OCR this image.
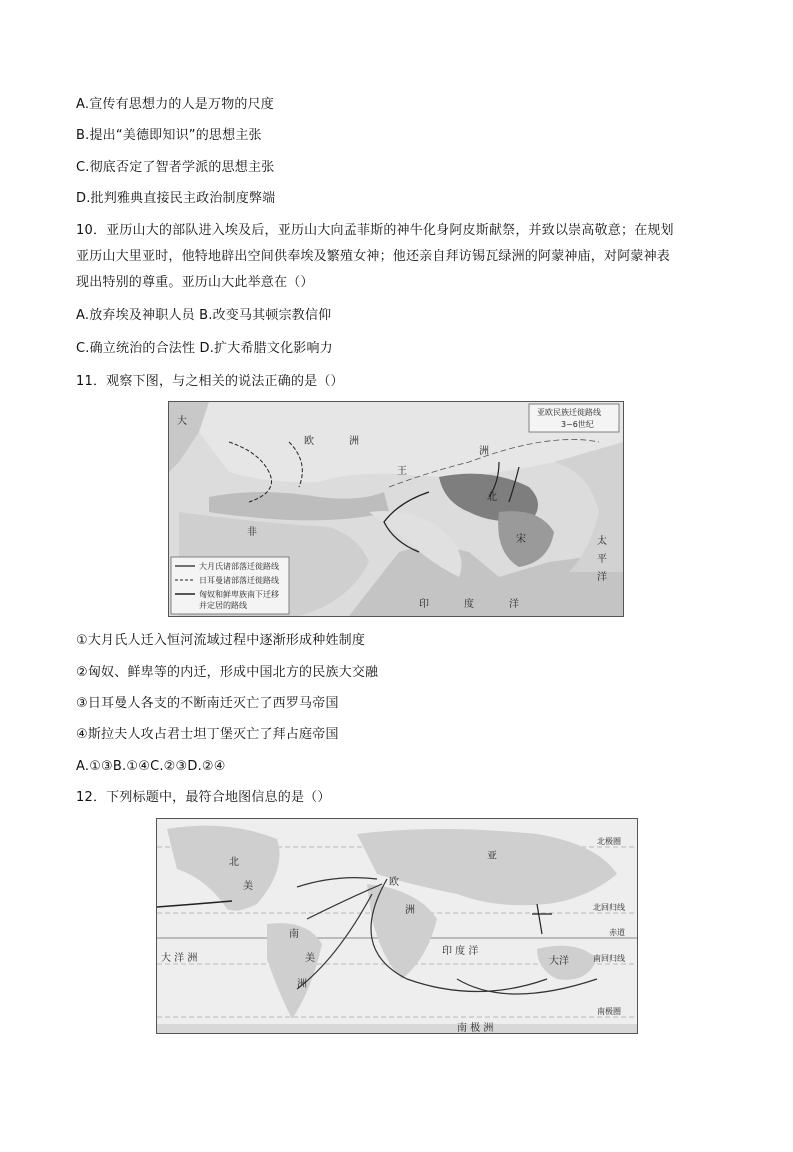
A.宣传有思想力的人是万物的尺度
B.提出“美德即知识”的思想主张
C.彻底否定了智者学派的思想主张
D.批判雅典直接民主政治制度弊端
10．亚历山大的部队进入埃及后，亚历山大向孟菲斯的神牛化身阿皮斯献祭，并致以崇高敬意；在规划
亚历山大里亚时，他特地辟出空间供奉埃及繁殖女神；他还亲自拜访锡瓦绿洲的阿蒙神庙，对阿蒙神表
现出特别的尊重。亚历山大此举意在（）
A.放弃埃及神职人员 B.改变马其顿宗教信仰
C.确立统治的合法性 D.扩大希腊文化影响力
11．观察下图，与之相关的说法正确的是（）
大
欧	洲
王
洲
北
宋
非
太
平
洋
印	度	洋
亚欧民族迁徙路线
3~6世纪
大月氏诸部落迁徙路线
日耳曼诸部落迁徙路线
匈奴和鲜卑族南下迁移
并定居的路线
①大月氏人迁入恒河流域过程中逐渐形成种姓制度
②匈奴、鲜卑等的内迁，形成中国北方的民族大交融
③日耳曼人各支的不断南迁灭亡了西罗马帝国
④斯拉夫人攻占君士坦丁堡灭亡了拜占庭帝国
A.①③B.①④C.②③D.②④
12．下列标题中，最符合地图信息的是（）
北
美	欧
洲
亚
南
美
洲
大 洋 洲
印 度 洋
大洋
南 极 洲
北极圈
北回归线
赤道
南回归线
南极圈
